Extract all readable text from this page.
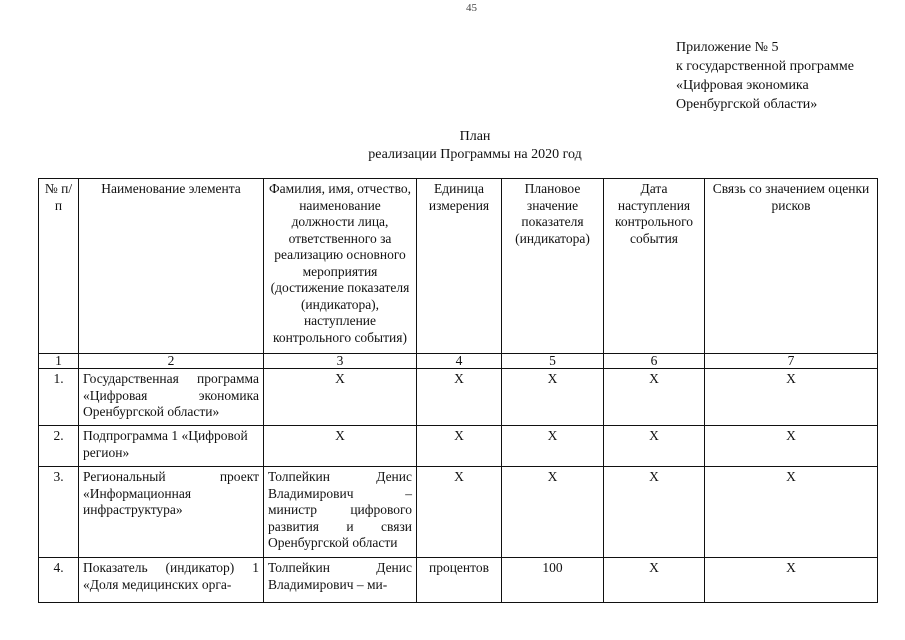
45
Приложение № 5
к государственной программе
«Цифровая экономика
Оренбургской области»
План
реализации Программы на 2020 год
№ п/п	Наименование элемента	Фамилия, имя, отчество, наименование должности лица, ответственного за реализацию основного мероприятия (достижение показателя (индикатора), наступление контрольного события)	Единица измерения	Плановое значение показателя (индикатора)	Дата наступления контрольного события	Связь со значением оценки рисков
1	2	3	4	5	6	7
1.	Государственная программа «Цифровая экономика Оренбургской области»	X	X	X	X	X
2.	Подпрограмма 1 «Цифровой регион»	X	X	X	X	X
3.	Региональный проект «Информационная инфраструктура»	Толпейкин Денис Владимирович – министр цифрового развития и связи Оренбургской области	X	X	X	X
4.	Показатель (индикатор) 1 «Доля медицинских орга-	Толпейкин Денис Владимирович – ми-	процентов	100	X	X
